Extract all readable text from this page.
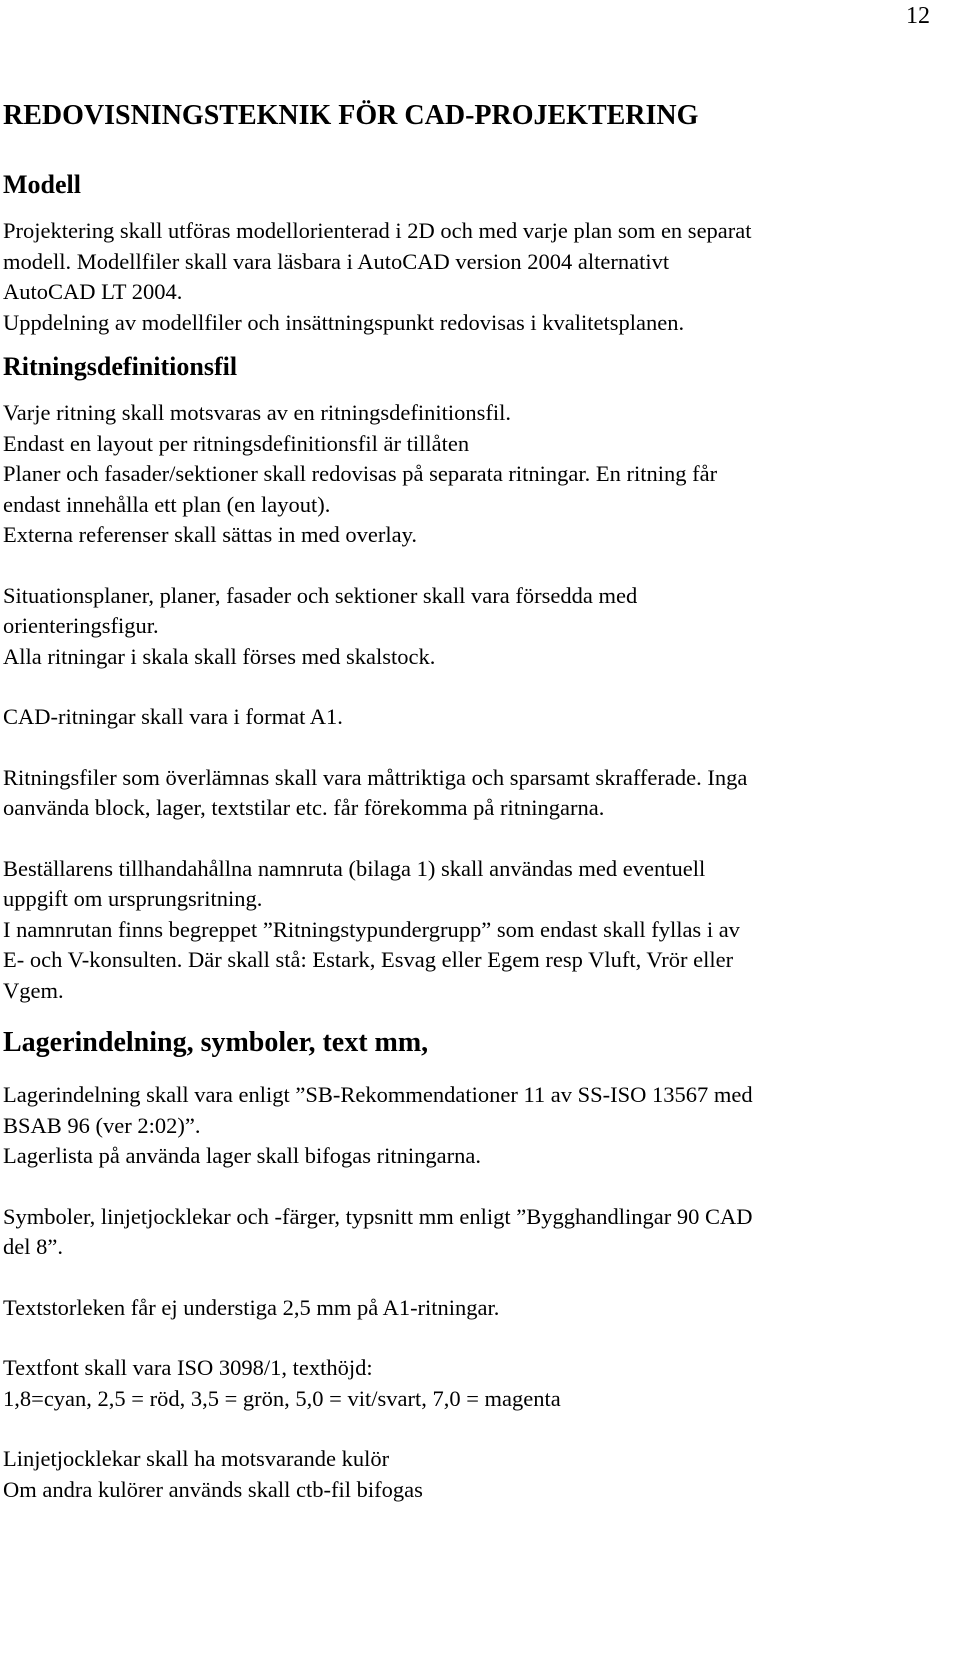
12
REDOVISNINGSTEKNIK FÖR CAD-PROJEKTERING
Modell

Projektering skall utföras modellorienterad i 2D och med varje plan som en separat
modell. Modellfiler skall vara läsbara i AutoCAD version 2004 alternativt
AutoCAD LT 2004.
Uppdelning av modellfiler och insättningspunkt redovisas i kvalitetsplanen.

Ritningsdefinitionsfil

Varje ritning skall motsvaras av en ritningsdefinitionsfil.
Endast en layout per ritningsdefinitionsfil är tillåten
Planer och fasader/sektioner skall redovisas på separata ritningar. En ritning får
endast innehålla ett plan (en layout).
Externa referenser skall sättas in med overlay.

Situationsplaner, planer, fasader och sektioner skall vara försedda med
orienteringsfigur.
Alla ritningar i skala skall förses med skalstock.

CAD-ritningar skall vara i format A1.

Ritningsfiler som överlämnas skall vara måttriktiga och sparsamt skrafferade. Inga
oanvända block, lager, textstilar etc. får förekomma på ritningarna.

Beställarens tillhandahållna namnruta (bilaga 1) skall användas med eventuell
uppgift om ursprungsritning.
I namnrutan finns begreppet ”Ritningstypundergrupp” som endast skall fyllas i av
E- och V-konsulten. Där skall stå: Estark, Esvag eller Egem resp Vluft, Vrör eller
Vgem.

Lagerindelning, symboler, text mm,

Lagerindelning skall vara enligt ”SB-Rekommendationer 11 av SS-ISO 13567 med
BSAB 96 (ver 2:02)”.
Lagerlista på använda lager skall bifogas ritningarna.

Symboler, linjetjocklekar och -färger, typsnitt mm enligt ”Bygghandlingar 90 CAD
del 8”.

Textstorleken får ej understiga 2,5 mm på A1-ritningar.

Textfont skall vara ISO 3098/1, texthöjd:
1,8=cyan, 2,5 = röd, 3,5 = grön, 5,0 = vit/svart, 7,0 = magenta

Linjetjocklekar skall ha motsvarande kulör
Om andra kulörer används skall ctb-fil bifogas
